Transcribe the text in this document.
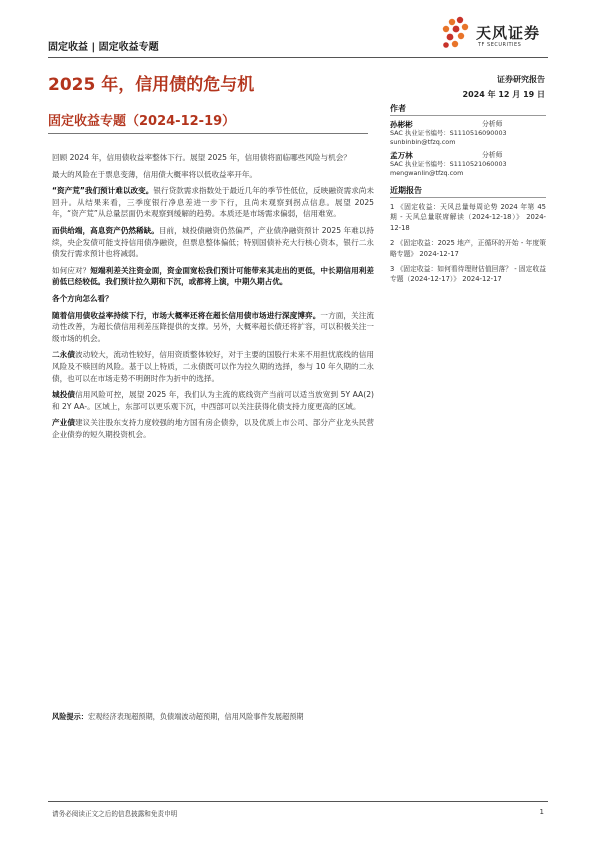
固定收益 | 固定收益专题
天风证券
TF SECURITIES
2025 年，信用债的危与机	证券研究报告
2024 年 12 月 19 日
固定收益专题（2024-12-19）

回顾 2024 年，信用债收益率整体下行。展望 2025 年，信用债将面临哪些风险与机会？

最大的风险在于票息变薄，信用债大概率将以低收益率开年。

“资产荒”我们预计难以改变。银行贷款需求指数处于最近几年的季节性低位，反映融资需求尚未回升。从结果来看，三季度银行净息差进一步下行，且尚未观察到拐点信息。展望 2025 年，“资产荒”从总量层面仍未观察到缓解的趋势。本质还是市场需求偏弱，信用难宽。

而供给端，高息资产仍然稀缺。目前，城投债融资仍然偏严，产业债净融资预计 2025 年难以持续，央企发债可能支持信用债净融资，但票息整体偏低；特别国债补充大行核心资本，银行二永债发行需求预计也将减弱。

如何应对？短端利差关注资金面，资金面宽松我们预计可能带来其走出的更低，中长期信用利差前低已经较低。我们预计拉久期和下沉，或都将上演，中期久期占优。

各个方向怎么看？

随着信用债收益率持续下行，市场大概率还将在超长信用债市场进行深度博弈。一方面，关注流动性改善，为超长债信用利差压降提供的支撑。另外，大概率超长债还将扩容，可以积极关注一级市场的机会。

二永债波动较大，流动性较好，信用资质整体较好，对于主要的国股行未来不用担忧底线的信用风险及不赎回的风险。基于以上特质，二永债既可以作为拉久期的选择，参与 10 年久期的二永债，也可以在市场走势不明朗时作为折中的选择。

城投债信用风险可控，展望 2025 年，我们认为主流的底线资产当前可以适当放宽到 5Y AA(2) 和 2Y AA-。区域上，东部可以更乐观下沉，中西部可以关注获得化债支持力度更高的区域。

产业债建议关注股东支持力度较强的地方国有房企债券，以及优质上市公司、部分产业龙头民营企业债券的短久期投资机会。

作者
孙彬彬	分析师
SAC 执业证书编号：S1110516090003
sunbinbin@tfzq.com
孟万林	分析师
SAC 执业证书编号：S1110521060003
mengwanlin@tfzq.com
近期报告
1 《固定收益：天风总量每周论势 2024 年第 45 期 - 天风总量联席解读（2024-12-18）》 2024-12-18
2 《固定收益：2025 地产，正循环的开始 - 年度策略专题》 2024-12-17
3 《固定收益：如何看待理财估值回落？ - 固定收益专题（2024-12-17）》 2024-12-17
风险提示：宏观经济表现超预期，负债端波动超预期，信用风险事件发展超预期
请务必阅读正文之后的信息披露和免责申明	1
